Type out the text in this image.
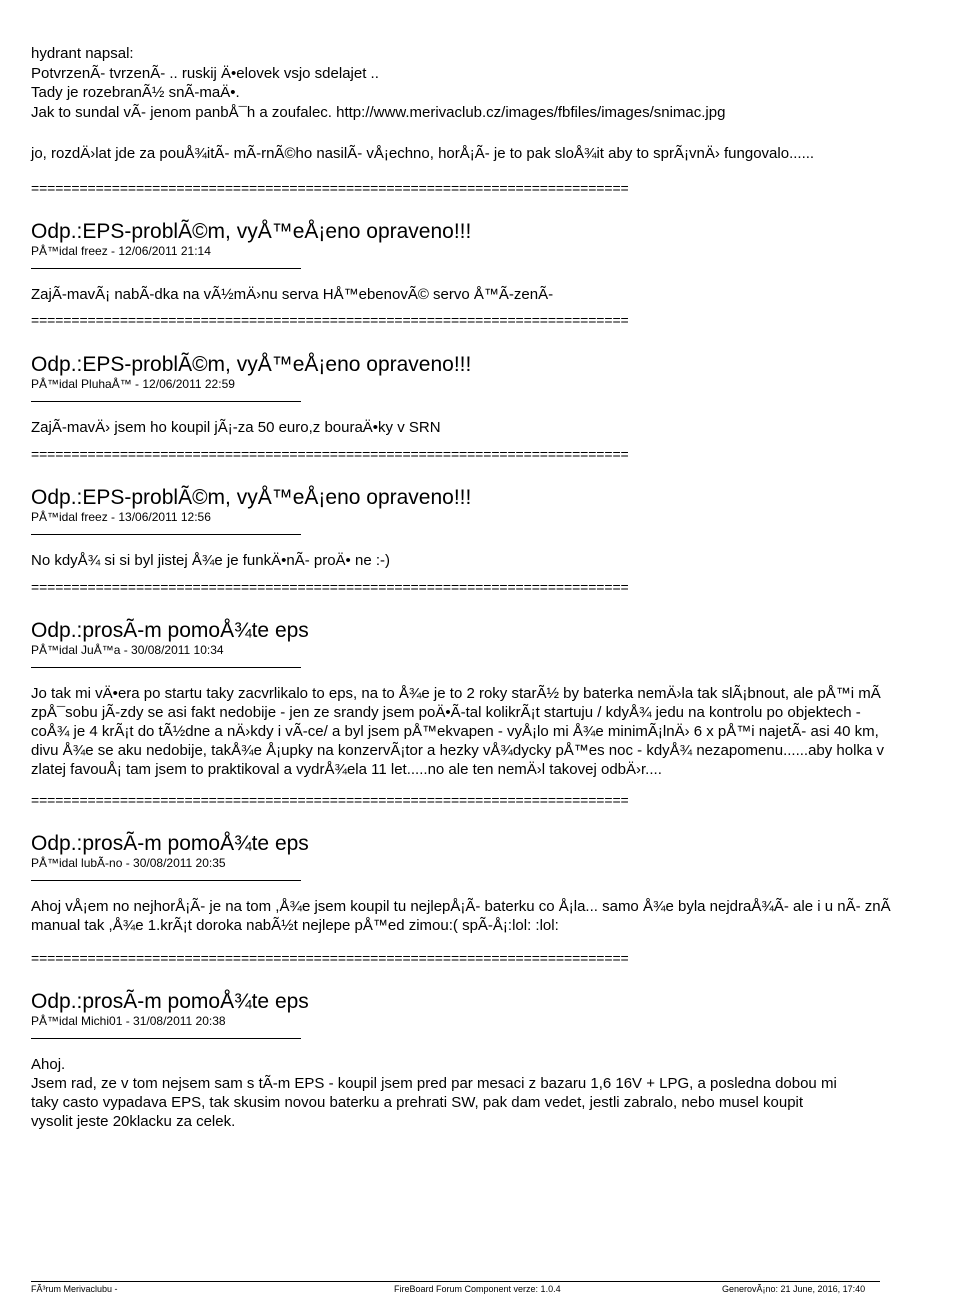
hydrant napsal:
PotvrzenÃ- tvrzenÃ- .. ruskij Ä•elovek vsjo sdelajet ..
Tady je rozebranÃ½ snÃ-maÄ•.
Jak to sundal vÃ- jenom panbÅ¯h a zoufalec. http://www.merivaclub.cz/images/fbfiles/images/snimac.jpg
jo, rozdÄ›lat jde za pouÅ¾itÃ- mÃ-rnÃ©ho nasilÃ- vÅ¡echno, horÅ¡Ã- je to pak sloÅ¾it aby to sprÃ¡vnÄ› fungovalo......
==========================================================================
Odp.:EPS-problÃ©m, vyÅ™eÅ¡eno opraveno!!!
PÅ™idal freez - 12/06/2011 21:14
ZajÃ-mavÃ¡ nabÃ-dka na vÃ½mÄ›nu serva HÅ™ebenovÃ© servo Å™Ã-zenÃ-
==========================================================================
Odp.:EPS-problÃ©m, vyÅ™eÅ¡eno opraveno!!!
PÅ™idal PluhaÅ™ - 12/06/2011 22:59
ZajÃ-mavÄ› jsem ho koupil jÃ¡-za 50 euro,z bouraÄ•ky v SRN
==========================================================================
Odp.:EPS-problÃ©m, vyÅ™eÅ¡eno opraveno!!!
PÅ™idal freez - 13/06/2011 12:56
No kdyÅ¾ si si byl jistej Å¾e je funkÄ•nÃ- proÄ• ne :-)
==========================================================================
Odp.:prosÃ-m pomoÅ¾te eps
PÅ™idal JuÅ™a - 30/08/2011 10:34
Jo tak mi vÄ•era po startu taky zacvrlikalo to eps, na to Å¾e je to 2 roky starÃ½ by baterka nemÄ›la tak slÃ¡bnout, ale pÅ™i mÃ
zpÅ¯sobu jÃ-zdy se asi fakt nedobije - jen ze srandy jsem poÄ•Ã-tal kolikrÃ¡t startuju / kdyÅ¾ jedu na kontrolu po objektech -
coÅ¾ je 4 krÃ¡t do tÃ½dne a nÄ›kdy i vÃ-ce/ a byl jsem pÅ™ekvapen - vyÅ¡lo mi Å¾e minimÃ¡lnÄ› 6 x pÅ™i najetÃ- asi 40 km,
divu Å¾e se aku nedobije, takÅ¾e Å¡upky na konzervÃ¡tor a hezky vÅ¾dycky pÅ™es noc - kdyÅ¾ nezapomenu......aby holka v
zlatej favouÅ¡ tam jsem to praktikoval a vydrÅ¾ela 11 let.....no ale ten nemÄ›l takovej odbÄ›r....
==========================================================================
Odp.:prosÃ-m pomoÅ¾te eps
PÅ™idal lubÃ-no - 30/08/2011 20:35
Ahoj vÅ¡em no nejhorÅ¡Ã- je na tom ,Å¾e jsem koupil tu nejlepÅ¡Ã- baterku co Å¡la... samo Å¾e byla nejdraÅ¾Ã- ale i u nÃ- znÃ
manual tak ,Å¾e 1.krÃ¡t doroka nabÃ½t nejlepe pÅ™ed zimou:( spÃ-Å¡:lol: :lol:
==========================================================================
Odp.:prosÃ-m pomoÅ¾te eps
PÅ™idal Michi01 - 31/08/2011 20:38
Ahoj.
Jsem rad, ze v tom nejsem sam s tÃ-m EPS - koupil jsem pred par mesaci z bazaru 1,6 16V + LPG, a posledna dobou mi
taky casto vypadava EPS, tak skusim novou baterku a prehrati SW, pak dam vedet, jestli zabralo, nebo musel koupit
vysolit jeste 20klacku za celek.
FÃ³rum Merivaclubu -	FireBoard Forum Component verze: 1.0.4	GenerovÃ¡no: 21 June, 2016, 17:40
